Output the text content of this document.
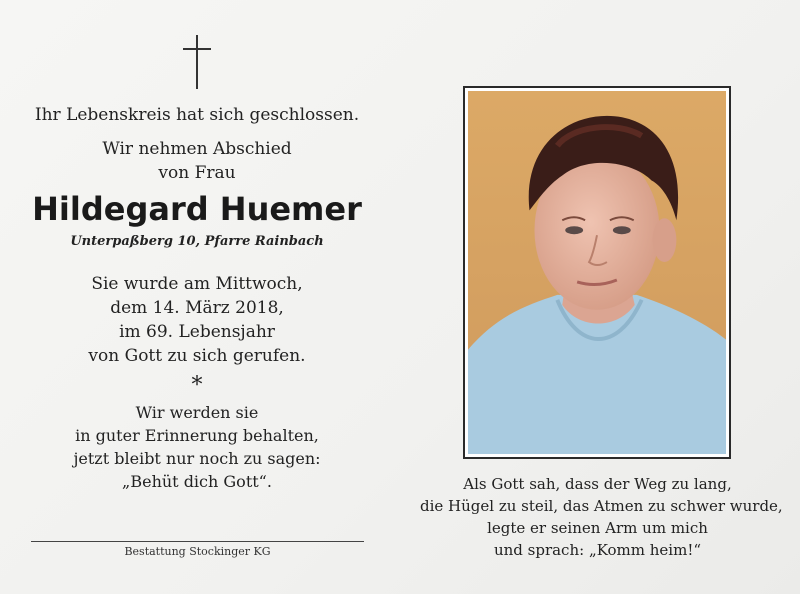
Ihr Lebenskreis hat sich geschlossen.
Wir nehmen Abschied
von Frau
Hildegard Huemer
Unterpaßberg 10, Pfarre Rainbach
Sie wurde am Mittwoch,
dem 14. März 2018,
im 69. Lebensjahr
von Gott zu sich gerufen.
*
Wir werden sie
in guter Erinnerung behalten,
jetzt bleibt nur noch zu sagen:
„Behüt dich Gott“.
Bestattung Stockinger KG
Als Gott sah, dass der Weg zu lang,
die Hügel zu steil, das Atmen zu schwer wurde,
legte er seinen Arm um mich
und sprach: „Komm heim!“
